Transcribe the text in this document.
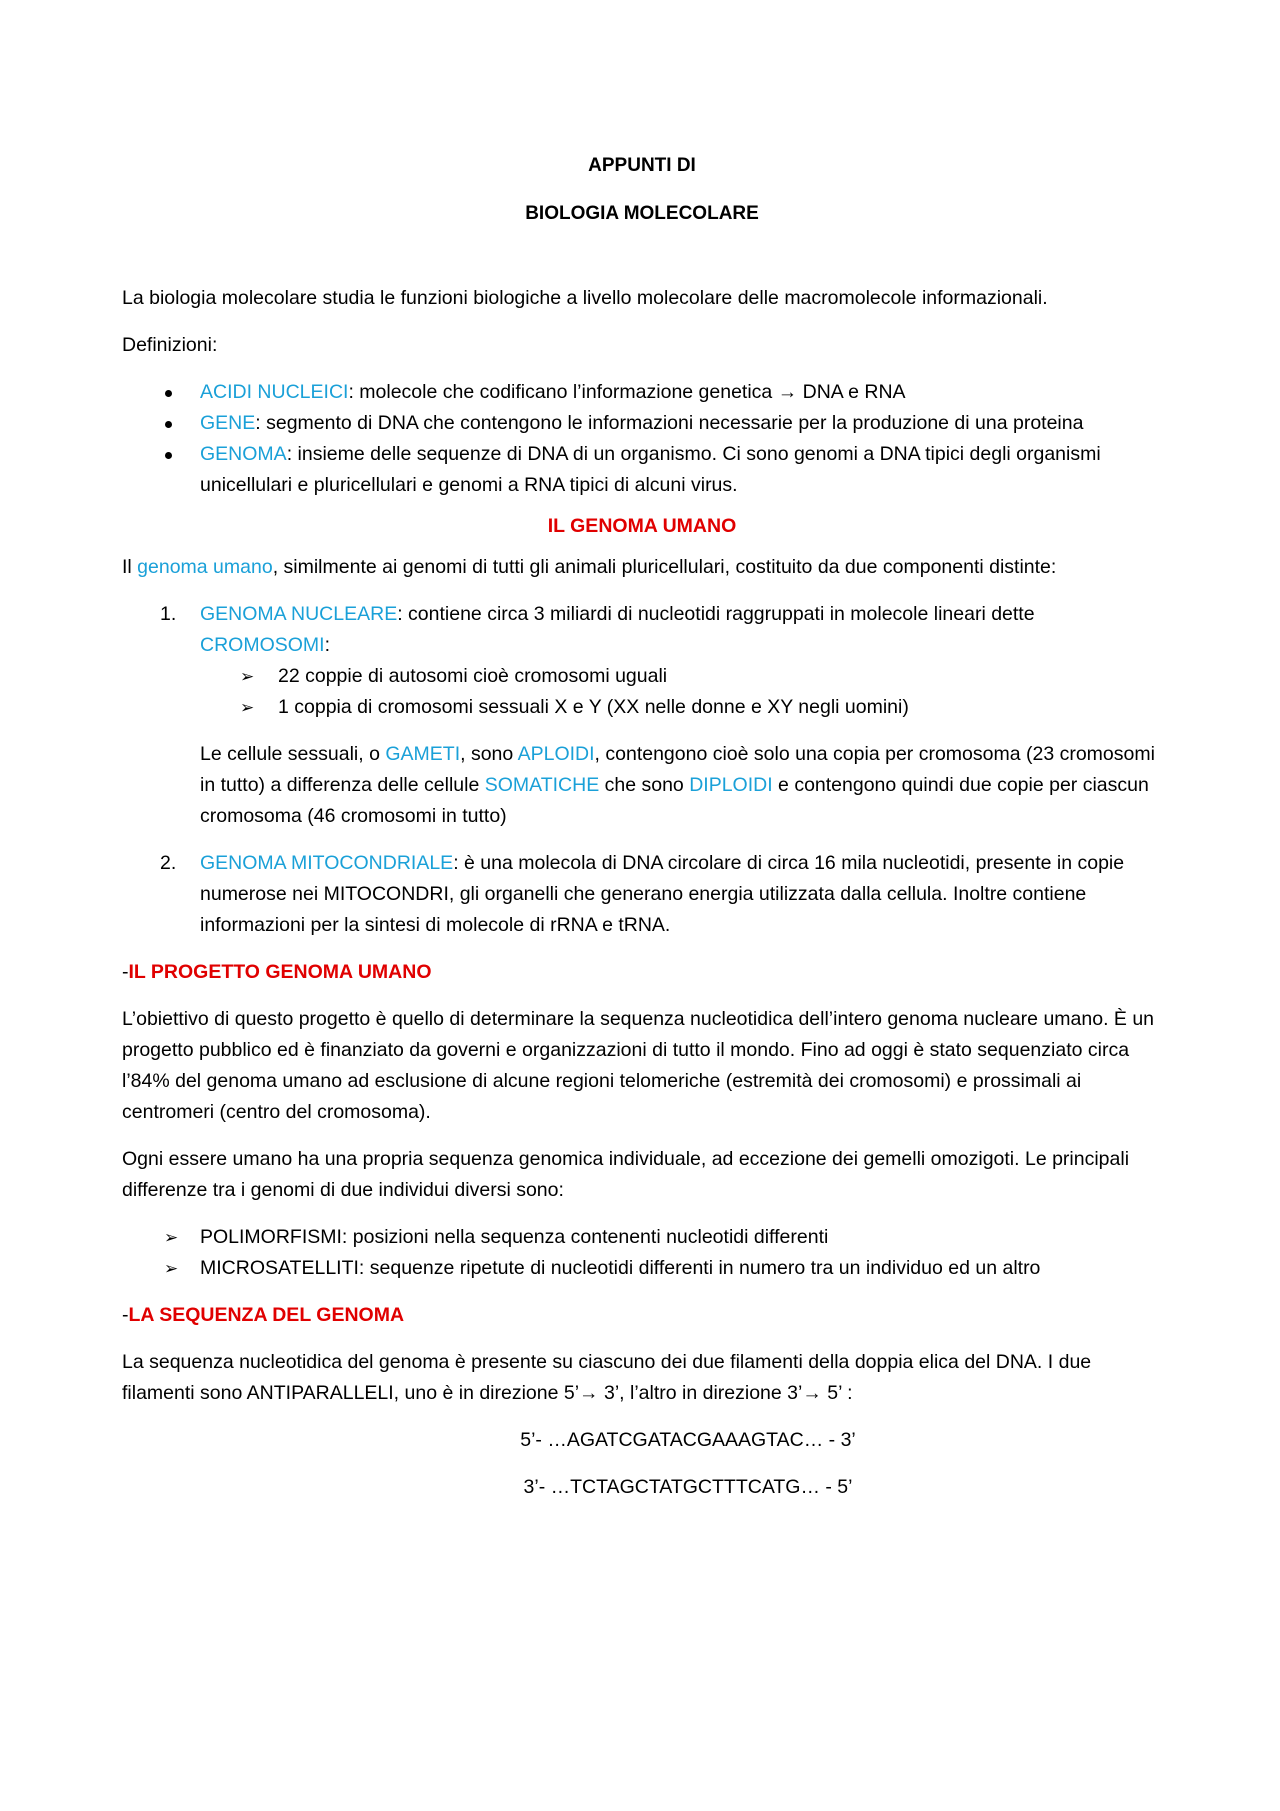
APPUNTI DI

BIOLOGIA MOLECOLARE

La biologia molecolare studia le funzioni biologiche a livello molecolare delle macromolecole informazionali.

Definizioni:

ACIDI NUCLEICI: molecole che codificano l’informazione genetica → DNA e RNA
GENE: segmento di DNA che contengono le informazioni necessarie per la produzione di una proteina
GENOMA: insieme delle sequenze di DNA di un organismo. Ci sono genomi a DNA tipici degli organismi unicellulari e pluricellulari e genomi a RNA tipici di alcuni virus.

IL GENOMA UMANO

Il genoma umano, similmente ai genomi di tutti gli animali pluricellulari, costituito da due componenti distinte:

1. GENOMA NUCLEARE: contiene circa 3 miliardi di nucleotidi raggruppati in molecole lineari dette CROMOSOMI:
➢ 22 coppie di autosomi cioè cromosomi uguali
➢ 1 coppia di cromosomi sessuali X e Y (XX nelle donne e XY negli uomini)

Le cellule sessuali, o GAMETI, sono APLOIDI, contengono cioè solo una copia per cromosoma (23 cromosomi in tutto) a differenza delle cellule SOMATICHE che sono DIPLOIDI e contengono quindi due copie per ciascun cromosoma (46 cromosomi in tutto)

2. GENOMA MITOCONDRIALE: è una molecola di DNA circolare di circa 16 mila nucleotidi, presente in copie numerose nei MITOCONDRI, gli organelli che generano energia utilizzata dalla cellula. Inoltre contiene informazioni per la sintesi di molecole di rRNA e tRNA.

-IL PROGETTO GENOMA UMANO

L’obiettivo di questo progetto è quello di determinare la sequenza nucleotidica dell’intero genoma nucleare umano. È un progetto pubblico ed è finanziato da governi e organizzazioni di tutto il mondo. Fino ad oggi è stato sequenziato circa l’84% del genoma umano ad esclusione di alcune regioni telomeriche (estremità dei cromosomi) e prossimali ai centromeri (centro del cromosoma).

Ogni essere umano ha una propria sequenza genomica individuale, ad eccezione dei gemelli omozigoti. Le principali differenze tra i genomi di due individui diversi sono:

➢ POLIMORFISMI: posizioni nella sequenza contenenti nucleotidi differenti
➢ MICROSATELLITI: sequenze ripetute di nucleotidi differenti in numero tra un individuo ed un altro

-LA SEQUENZA DEL GENOMA

La sequenza nucleotidica del genoma è presente su ciascuno dei due filamenti della doppia elica del DNA. I due filamenti sono ANTIPARALLELI, uno è in direzione 5’→ 3’, l’altro in direzione 3’→ 5’ :

5’- …AGATCGATACGAAAGTAC… - 3’

3’- …TCTAGCTATGCTTTCATG… - 5’
